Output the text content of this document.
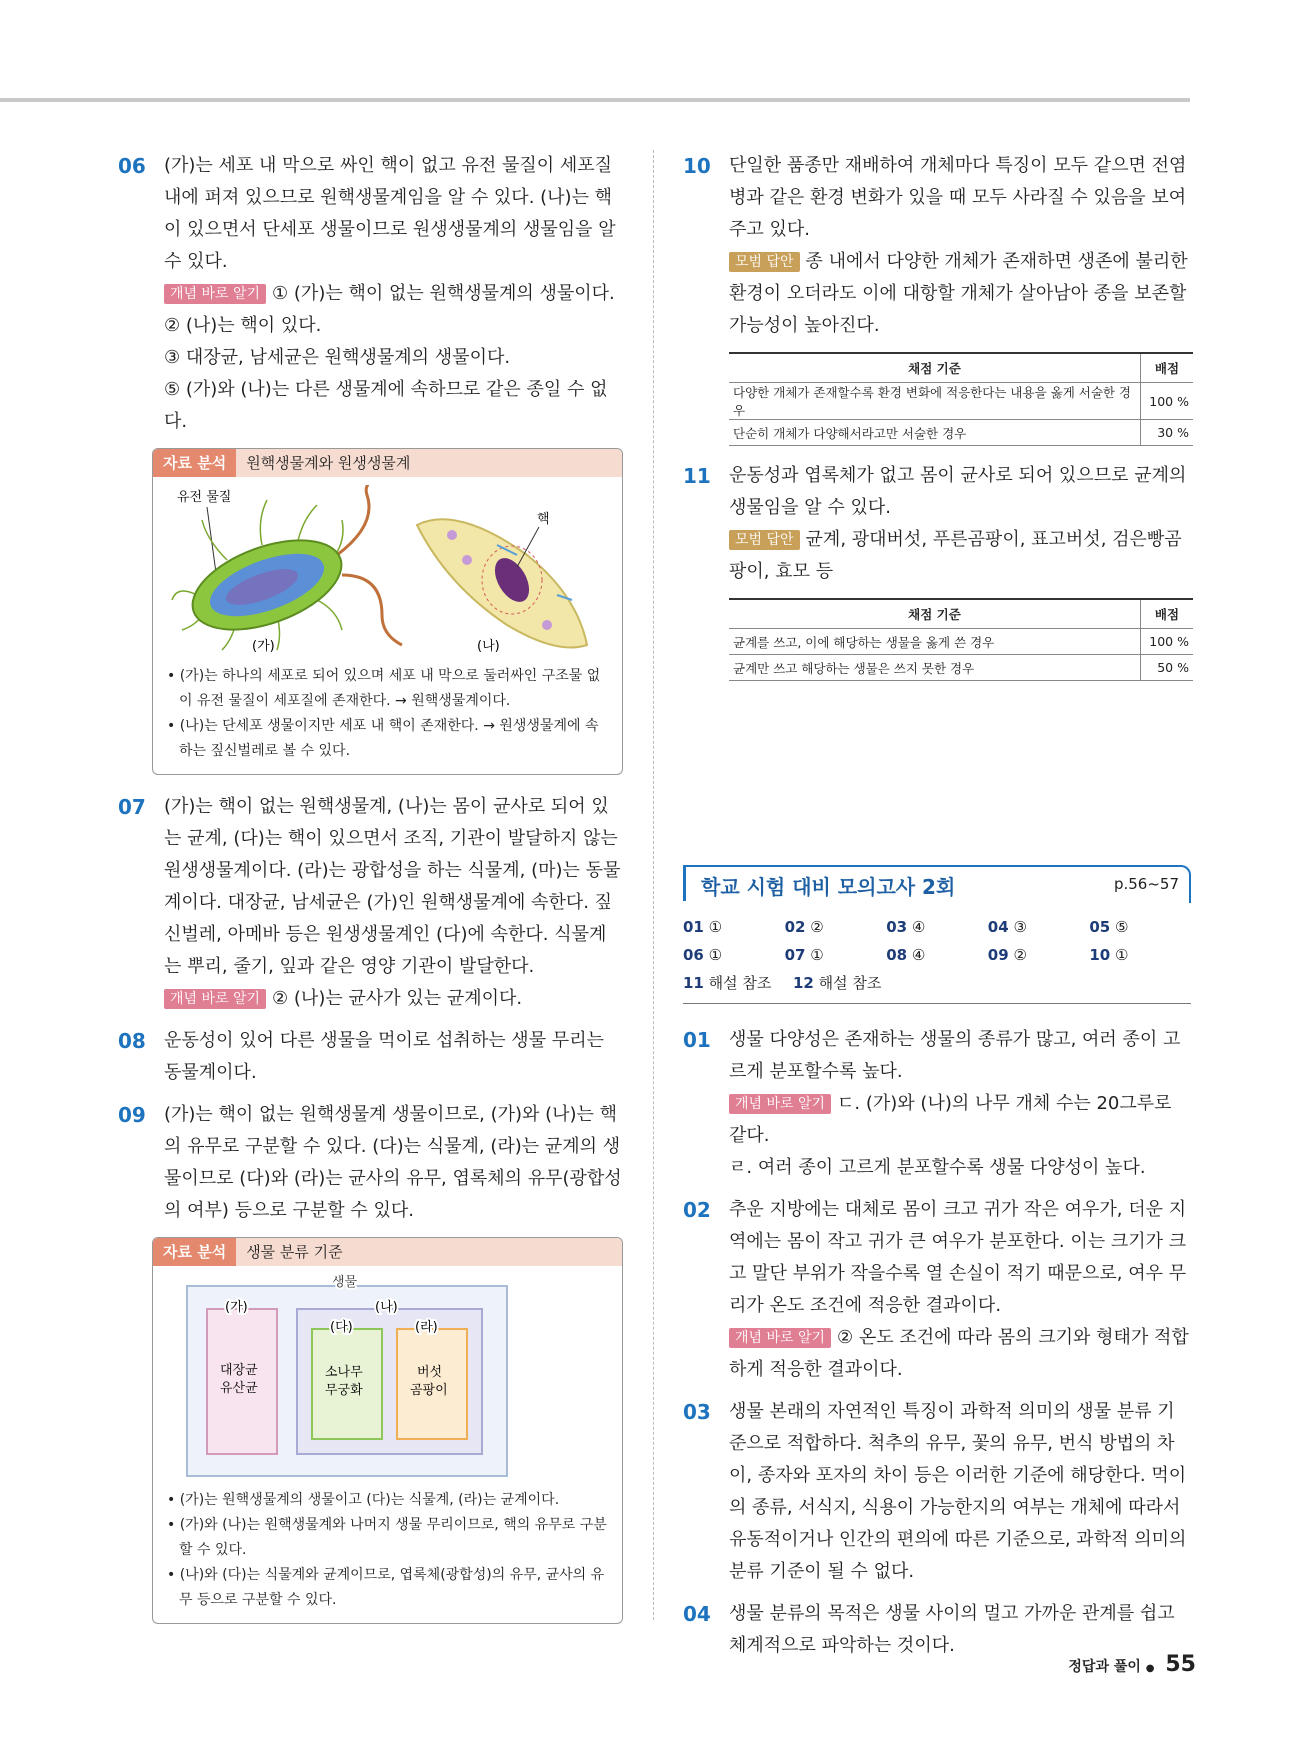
06 (가)는 세포 내 막으로 싸인 핵이 없고 유전 물질이 세포질 내에 퍼져 있으므로 원핵생물계임을 알 수 있다. (나)는 핵이 있으면서 단세포 생물이므로 원생생물계의 생물임을 알 수 있다.

개념 바로 알기 ① (가)는 핵이 없는 원핵생물계의 생물이다.

② (나)는 핵이 있다.

③ 대장균, 남세균은 원핵생물계의 생물이다.

⑤ (가)와 (나)는 다른 생물계에 속하므로 같은 종일 수 없다.

자료 분석 원핵생물계와 원생생물계
유전 물질
핵
(가)	(나)
• (가)는 하나의 세포로 되어 있으며 세포 내 막으로 둘러싸인 구조물 없이 유전 물질이 세포질에 존재한다. → 원핵생물계이다.
• (나)는 단세포 생물이지만 세포 내 핵이 존재한다. → 원생생물계에 속하는 짚신벌레로 볼 수 있다.
07 (가)는 핵이 없는 원핵생물계, (나)는 몸이 균사로 되어 있는 균계, (다)는 핵이 있으면서 조직, 기관이 발달하지 않는 원생생물계이다. (라)는 광합성을 하는 식물계, (마)는 동물계이다. 대장균, 남세균은 (가)인 원핵생물계에 속한다. 짚신벌레, 아메바 등은 원생생물계인 (다)에 속한다. 식물계는 뿌리, 줄기, 잎과 같은 영양 기관이 발달한다.

개념 바로 알기 ② (나)는 균사가 있는 균계이다.

08 운동성이 있어 다른 생물을 먹이로 섭취하는 생물 무리는 동물계이다.

09 (가)는 핵이 없는 원핵생물계 생물이므로, (가)와 (나)는 핵의 유무로 구분할 수 있다. (다)는 식물계, (라)는 균계의 생물이므로 (다)와 (라)는 균사의 유무, 엽록체의 유무(광합성의 여부) 등으로 구분할 수 있다.

자료 분석 생물 분류 기준
생물
(가)
대장균
유산균
(나)
(다)
소나무
무궁화
(라)
버섯
곰팡이
• (가)는 원핵생물계의 생물이고 (다)는 식물계, (라)는 균계이다.
• (가)와 (나)는 원핵생물계와 나머지 생물 무리이므로, 핵의 유무로 구분할 수 있다.
• (나)와 (다)는 식물계와 균계이므로, 엽록체(광합성)의 유무, 균사의 유무 등으로 구분할 수 있다.
10 단일한 품종만 재배하여 개체마다 특징이 모두 같으면 전염병과 같은 환경 변화가 있을 때 모두 사라질 수 있음을 보여 주고 있다.

모범 답안 종 내에서 다양한 개체가 존재하면 생존에 불리한 환경이 오더라도 이에 대항할 개체가 살아남아 종을 보존할 가능성이 높아진다.

채점 기준	배점
다양한 개체가 존재할수록 환경 변화에 적응한다는 내용을 옳게 서술한 경우	100 %
단순히 개체가 다양해서라고만 서술한 경우	30 %
11 운동성과 엽록체가 없고 몸이 균사로 되어 있으므로 균계의 생물임을 알 수 있다.

모범 답안 균계, 광대버섯, 푸른곰팡이, 표고버섯, 검은빵곰팡이, 효모 등

채점 기준	배점
균계를 쓰고, 이에 해당하는 생물을 옳게 쓴 경우	100 %
균계만 쓰고 해당하는 생물은 쓰지 못한 경우	50 %
학교 시험 대비 모의고사 2회	p.56~57
01 ①	02 ②	03 ④	04 ③	05 ⑤
06 ①	07 ①	08 ④	09 ②	10 ①
11 해설 참조	12 해설 참조
01 생물 다양성은 존재하는 생물의 종류가 많고, 여러 종이 고르게 분포할수록 높다.

개념 바로 알기 ㄷ. (가)와 (나)의 나무 개체 수는 20그루로 같다.

ㄹ. 여러 종이 고르게 분포할수록 생물 다양성이 높다.

02 추운 지방에는 대체로 몸이 크고 귀가 작은 여우가, 더운 지역에는 몸이 작고 귀가 큰 여우가 분포한다. 이는 크기가 크고 말단 부위가 작을수록 열 손실이 적기 때문으로, 여우 무리가 온도 조건에 적응한 결과이다.

개념 바로 알기 ② 온도 조건에 따라 몸의 크기와 형태가 적합하게 적응한 결과이다.

03 생물 본래의 자연적인 특징이 과학적 의미의 생물 분류 기준으로 적합하다. 척추의 유무, 꽃의 유무, 번식 방법의 차이, 종자와 포자의 차이 등은 이러한 기준에 해당한다. 먹이의 종류, 서식지, 식용이 가능한지의 여부는 개체에 따라서 유동적이거나 인간의 편의에 따른 기준으로, 과학적 의미의 분류 기준이 될 수 없다.

04 생물 분류의 목적은 생물 사이의 멀고 가까운 관계를 쉽고 체계적으로 파악하는 것이다.

정답과 풀이 ● 55
